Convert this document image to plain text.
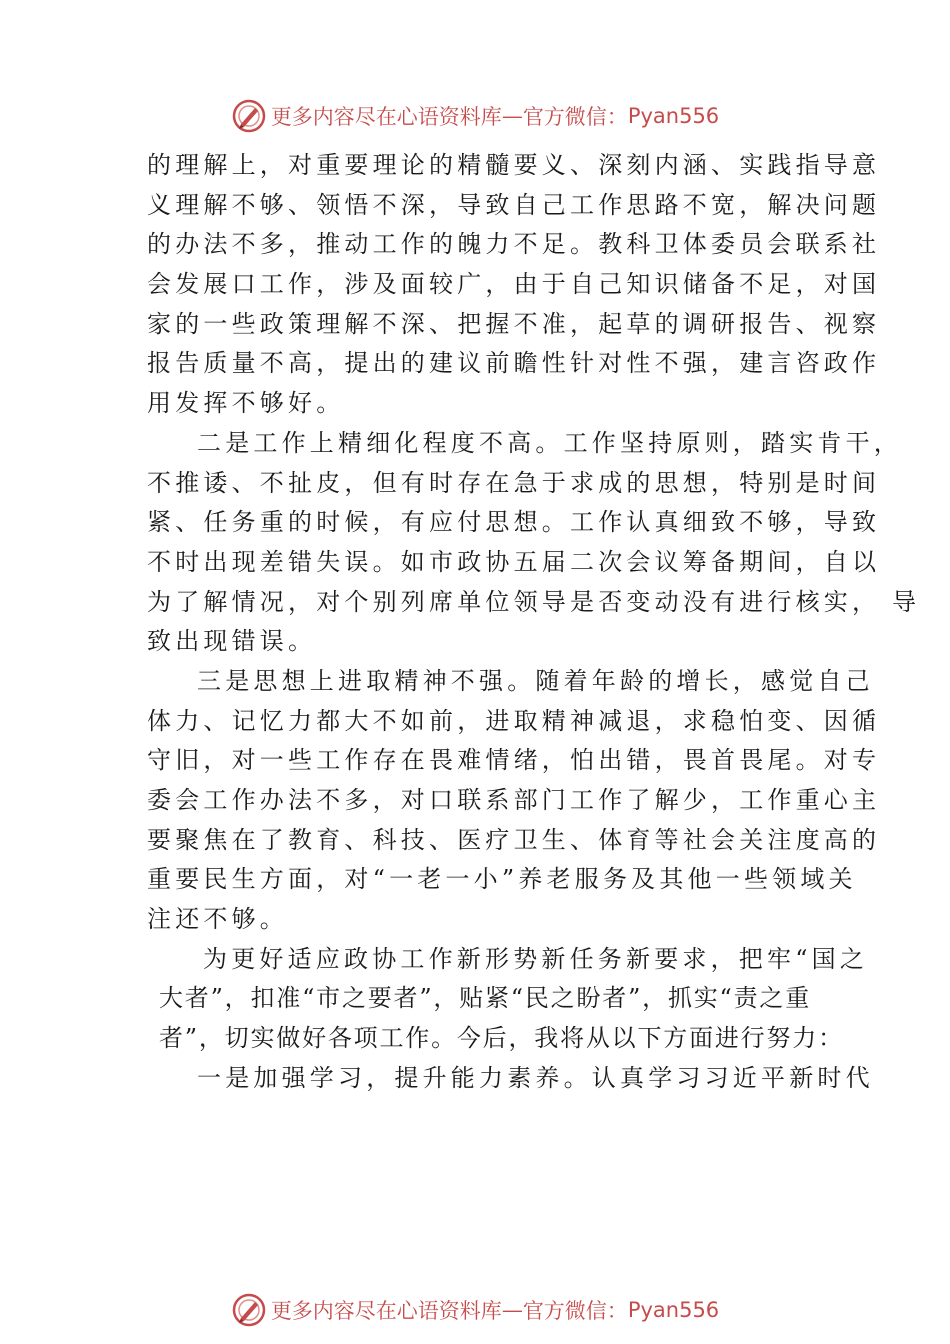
更多内容尽在心语资料库 — 官方微信： Pyan556
的理解上，对重要理论的精髓要义、深刻内涵、实践指导意
义理解不够、领悟不深，导致自己工作思路不宽，解决问题
的办法不多，推动工作的魄力不足。教科卫体委员会联系社
会发展口工作，涉及面较广，由于自己知识储备不足，对国
家的一些政策理解不深、把握不准，起草的调研报告、视察
报告质量不高，提出的建议前瞻性针对性不强，建言咨政作
用发挥不够好。
二是工作上精细化程度不高。工作坚持原则，踏实肯干，
不推诿、不扯皮，但有时存在急于求成的思想，特别是时间
紧、任务重的时候，有应付思想。工作认真细致不够，导致
不时出现差错失误。如市政协五届二次会议筹备期间，自以
为了解情况，对个别列席单位领导是否变动没有进行核实， 导
致出现错误。
三是思想上进取精神不强。随着年龄的增长，感觉自己
体力、记忆力都大不如前，进取精神减退，求稳怕变、因循
守旧，对一些工作存在畏难情绪，怕出错，畏首畏尾。对专
委会工作办法不多，对口联系部门工作了解少，工作重心主
要聚焦在了教育、科技、医疗卫生、体育等社会关注度高的
重要民生方面，对“一老一小”养老服务及其他一些领域关
注还不够。
为更好适应政协工作新形势新任务新要求，把牢“国之
大者”，扣准“市之要者”，贴紧“民之盼者”，抓实“责之重
者”，切实做好各项工作。今后，我将从以下方面进行努力：
一是加强学习，提升能力素养。认真学习习近平新时代
更多内容尽在心语资料库 — 官方微信： Pyan556
